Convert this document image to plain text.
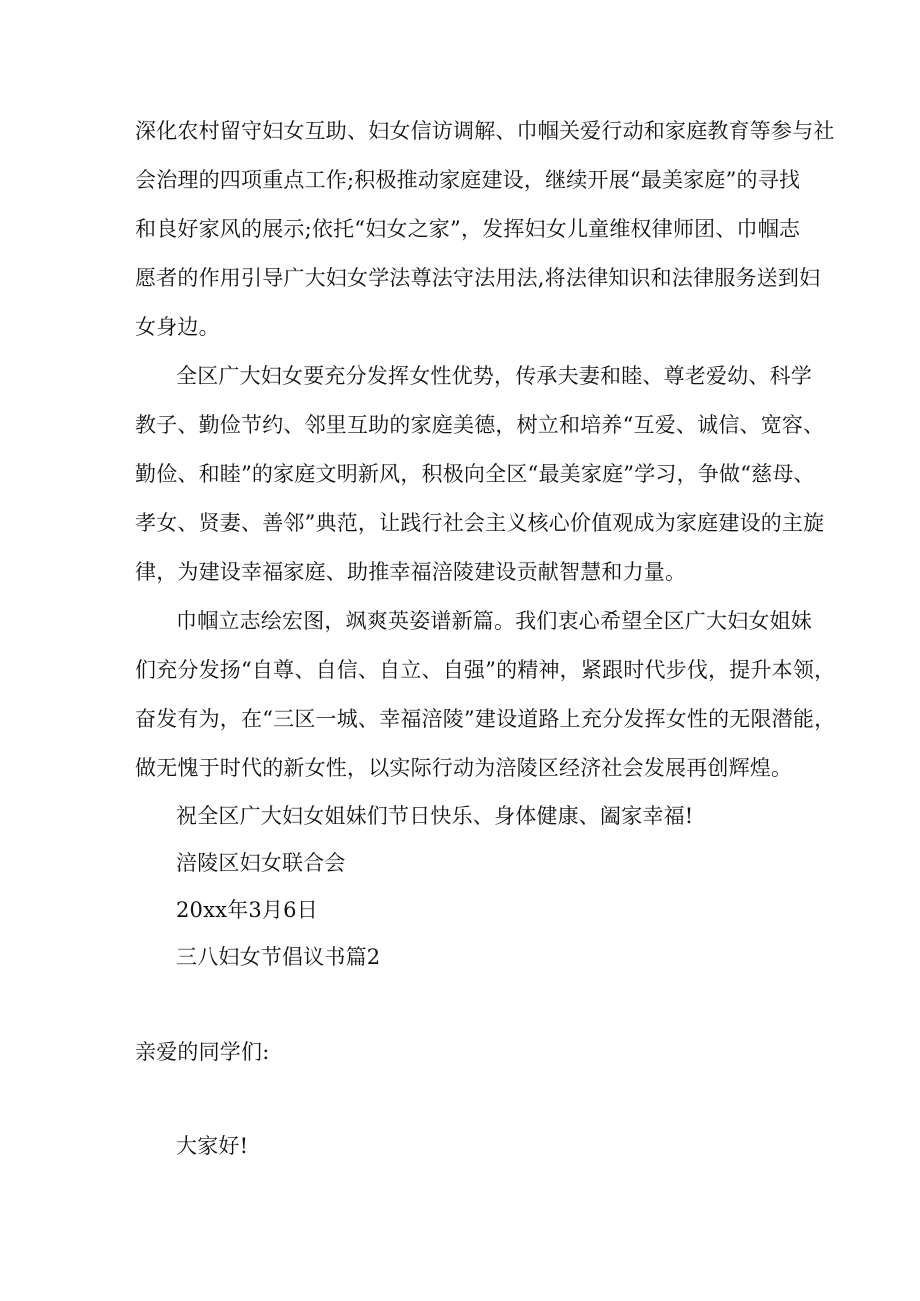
深化农村留守妇女互助、妇女信访调解、巾帼关爱行动和家庭教育等参与社
会治理的四项重点工作;积极推动家庭建设，继续开展“最美家庭”的寻找
和良好家风的展示;依托“妇女之家”，发挥妇女儿童维权律师团、巾帼志
愿者的作用引导广大妇女学法尊法守法用法,将法律知识和法律服务送到妇
女身边。
全区广大妇女要充分发挥女性优势，传承夫妻和睦、尊老爱幼、科学
教子、勤俭节约、邻里互助的家庭美德，树立和培养“互爱、诚信、宽容、
勤俭、和睦”的家庭文明新风，积极向全区“最美家庭”学习，争做“慈母、
孝女、贤妻、善邻”典范，让践行社会主义核心价值观成为家庭建设的主旋
律，为建设幸福家庭、助推幸福涪陵建设贡献智慧和力量。
巾帼立志绘宏图，飒爽英姿谱新篇。我们衷心希望全区广大妇女姐妹
们充分发扬“自尊、自信、自立、自强”的精神，紧跟时代步伐，提升本领，
奋发有为，在“三区一城、幸福涪陵”建设道路上充分发挥女性的无限潜能，
做无愧于时代的新女性，以实际行动为涪陵区经济社会发展再创辉煌。
祝全区广大妇女姐妹们节日快乐、身体健康、阖家幸福!
涪陵区妇女联合会
20xx年3月6日
三八妇女节倡议书篇2
亲爱的同学们:
大家好!
